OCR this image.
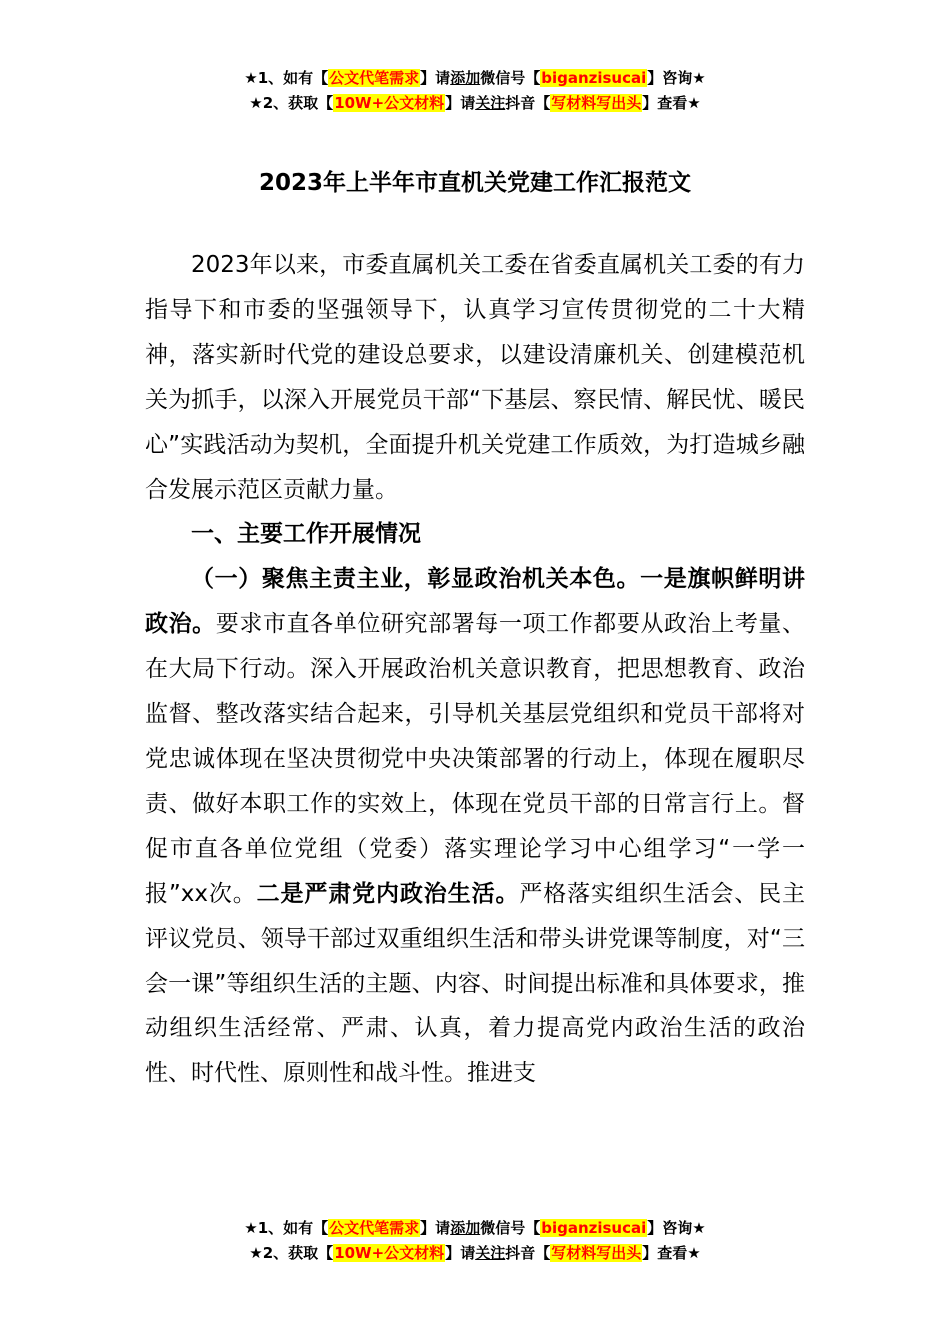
★1、如有【公文代笔需求】请添加微信号【biganzisucai】咨询★
★2、获取【10W+公文材料】请关注抖音【写材料写出头】查看★
2023年上半年市直机关党建工作汇报范文

2023年以来，市委直属机关工委在省委直属机关工委的有力指导下和市委的坚强领导下，认真学习宣传贯彻党的二十大精神，落实新时代党的建设总要求，以建设清廉机关、创建模范机关为抓手，以深入开展党员干部“下基层、察民情、解民忧、暖民心”实践活动为契机，全面提升机关党建工作质效，为打造城乡融合发展示范区贡献力量。

一、主要工作开展情况

（一）聚焦主责主业，彰显政治机关本色。一是旗帜鲜明讲政治。要求市直各单位研究部署每一项工作都要从政治上考量、在大局下行动。深入开展政治机关意识教育，把思想教育、政治监督、整改落实结合起来，引导机关基层党组织和党员干部将对党忠诚体现在坚决贯彻党中央决策部署的行动上，体现在履职尽责、做好本职工作的实效上，体现在党员干部的日常言行上。督促市直各单位党组（党委）落实理论学习中心组学习“一学一报”xx次。二是严肃党内政治生活。严格落实组织生活会、民主评议党员、领导干部过双重组织生活和带头讲党课等制度，对“三会一课”等组织生活的主题、内容、时间提出标准和具体要求，推动组织生活经常、严肃、认真，着力提高党内政治生活的政治性、时代性、原则性和战斗性。推进支

★1、如有【公文代笔需求】请添加微信号【biganzisucai】咨询★
★2、获取【10W+公文材料】请关注抖音【写材料写出头】查看★
